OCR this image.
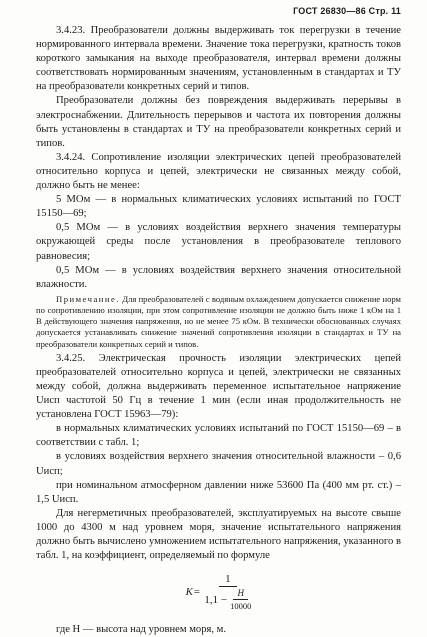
ГОСТ 26830—86 Стр. 11

3.4.23. Преобразователи должны выдерживать ток перегрузки в течение нормированного интервала времени. Значение тока перегрузки, кратность токов короткого замыкания на выходе преобразователя, интервал времени должны соответствовать нормированным значениям, установленным в стандартах и ТУ на преобразователи конкретных серий и типов.

Преобразователи должны без повреждения выдерживать перерывы в электроснабжении. Длительность перерывов и частота их повторения должны быть установлены в стандартах и ТУ на преобразователи конкретных серий и типов.

3.4.24. Сопротивление изоляции электрических цепей преобразователей относительно корпуса и цепей, электрически не связанных между собой, должно быть не менее:

5 МОм — в нормальных климатических условиях испытаний по ГОСТ 15150—69;

0,5 МОм — в условиях воздействия верхнего значения температуры окружающей среды после установления в преобразователе теплового равновесия;

0,5 МОм — в условиях воздействия верхнего значения относительной влажности.

Примечание. Для преобразователей с водяным охлаждением допускается снижение норм по сопротивлению изоляции, при этом сопротивление изоляции не должно быть ниже 1 кОм на 1 В действующего значения напряжения, но не менее 75 кОм. В технически обоснованных случаях допускается устанавливать снижение значений сопротивления изоляции в стандартах и ТУ на преобразователи конкретных серий и типов.

3.4.25. Электрическая прочность изоляции электрических цепей преобразователей относительно корпуса и цепей, электрически не связанных между собой, должна выдерживать переменное испытательное напряжение Uисп частотой 50 Гц в течение 1 мин (если иная продолжительность не установлена ГОСТ 15963—79):

в нормальных климатических условиях испытаний по ГОСТ 15150—69 – в соответствии с табл. 1;

в условиях воздействия верхнего значения относительной влажности – 0,6 Uисп;

при номинальном атмосферном давлении ниже 53600 Па (400 мм рт. ст.) – 1,5 Uисп.

Для негерметичных преобразователей, эксплуатируемых на высоте свыше 1000 до 4300 м над уровнем моря, значение испытательного напряжения должно быть вычислено умножением испытательного напряжения, указанного в табл. 1, на коэффициент, определяемый по формуле

$K= \frac{1}{1,1 - \frac{H}{10000}}$

где H — высота над уровнем моря, м.
